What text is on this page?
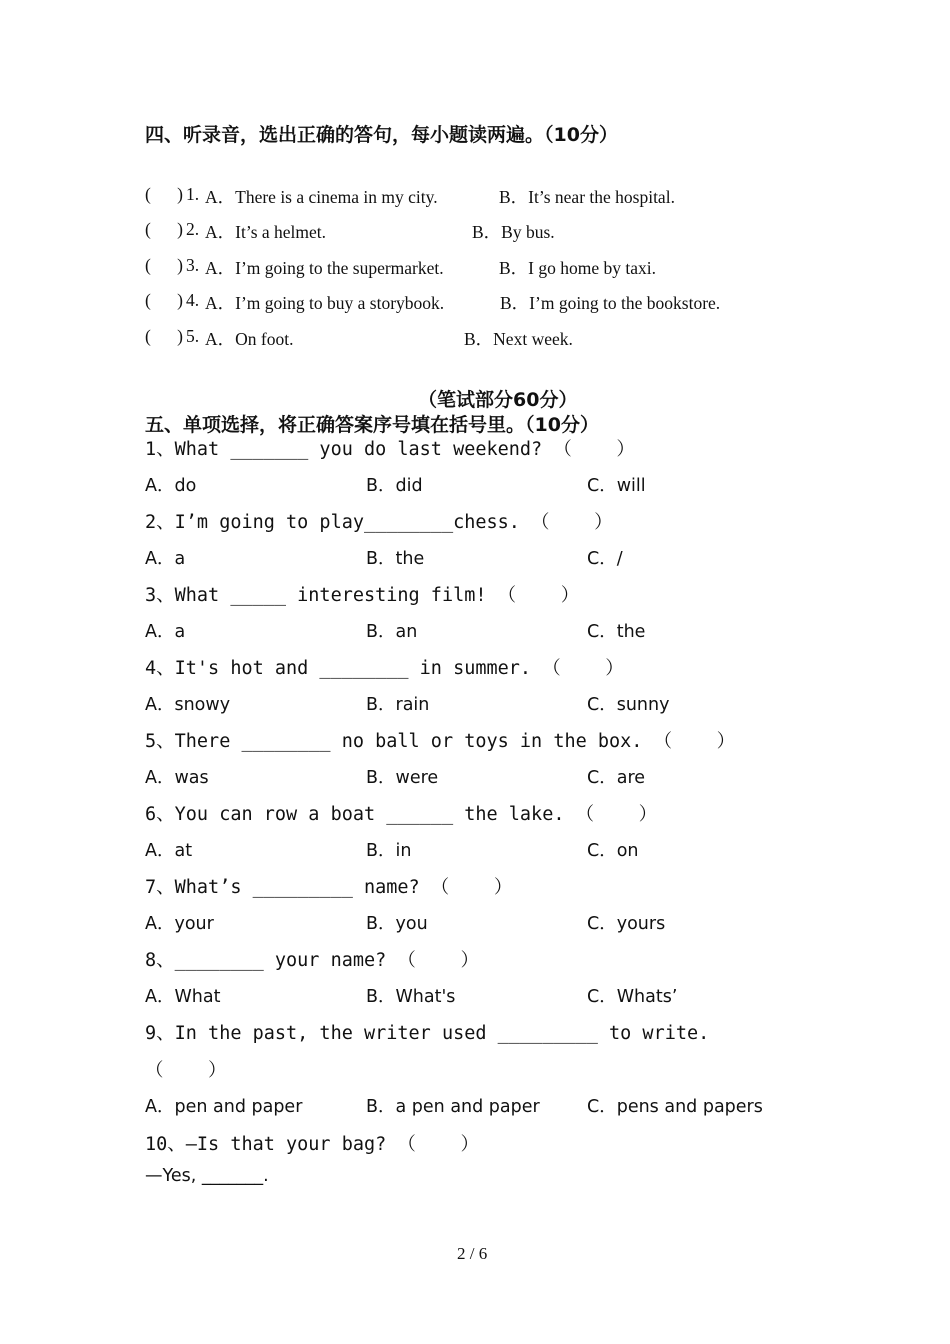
四、听录音，选出正确的答句，每小题读两遍。（10分）
(      ) 1. A．There is a cinema in my city.	B．It’s near the hospital.
(      ) 2. A．It’s a helmet.	B．By bus.
(      ) 3. A．I’m going to the supermarket.	B．I go home by taxi.
(      ) 4. A．I’m going to buy a storybook.	B．I’m going to the bookstore.
(      ) 5. A．On foot.	B．Next week.
（笔试部分60分）
五、单项选择，将正确答案序号填在括号里。（10分）
1、What _______ you do last weekend? （    ）
A．do	B．did	C．will
2、I’m going to play________chess. （    ）
A．a	B．the	C．/
3、What _____ interesting film! （    ）
A．a	B．an	C．the
4、It's hot and ________ in summer. （    ）
A．snowy	B．rain	C．sunny
5、There ________ no ball or toys in the box. （    ）
A．was	B．were	C．are
6、You can row a boat ______ the lake. （    ）
A．at	B．in	C．on
7、What’s _________ name? （    ）
A．your	B．you	C．yours
8、________ your name? （    ）
A．What	B．What's	C．Whats’
9、In the past, the writer used _________ to write.
（    ）
A．pen and paper	B．a pen and paper	C．pens and papers
10、—Is that your bag? （    ）
—Yes, _______.
2 / 6
